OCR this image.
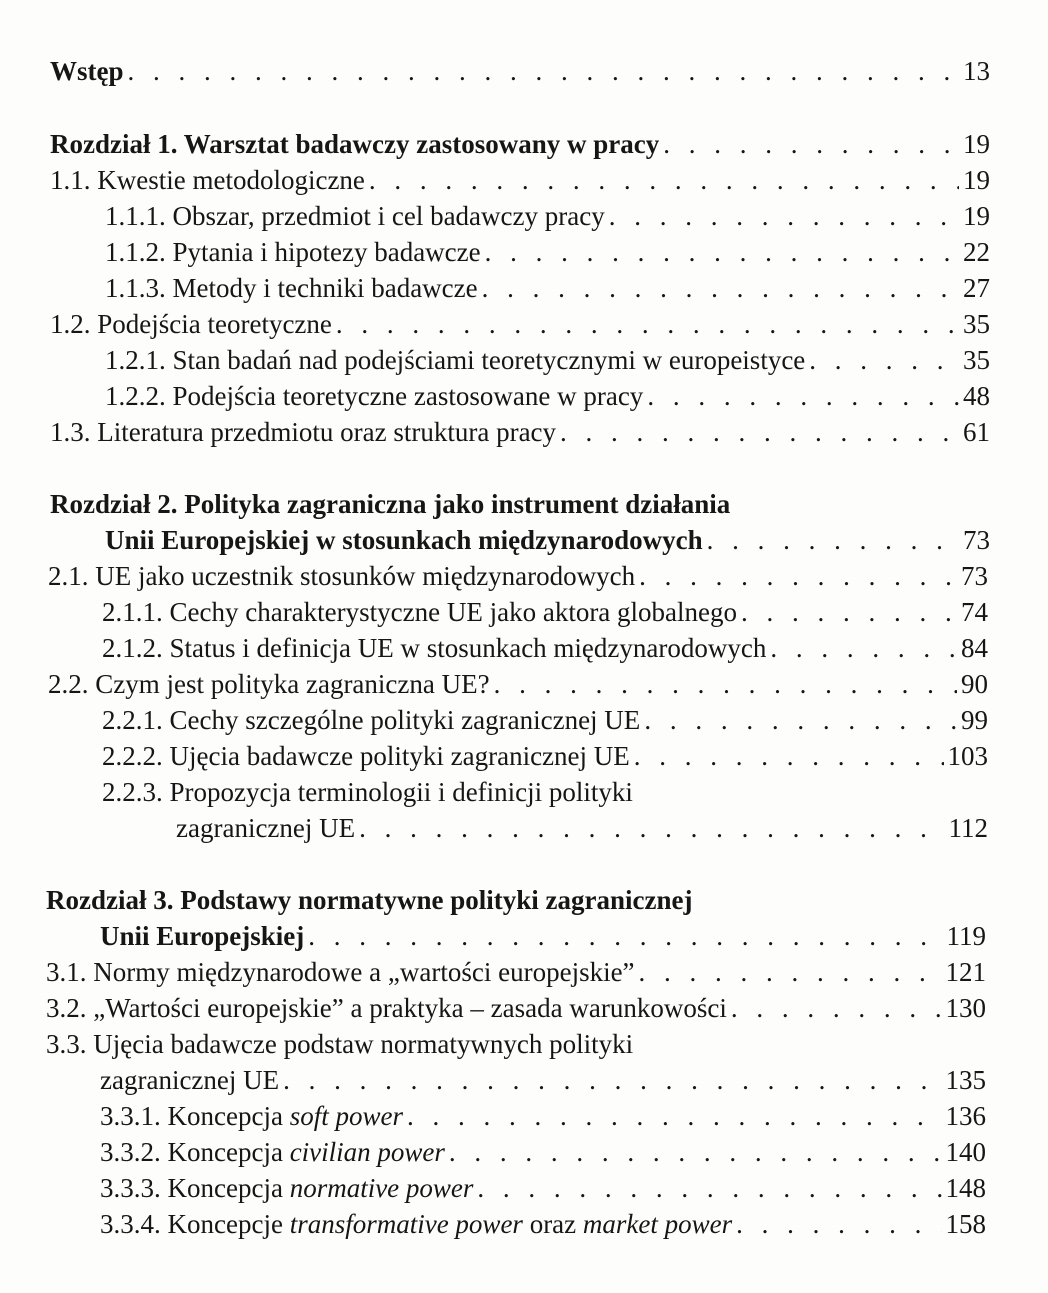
Wstęp . . .	13
Rozdział 1. Warsztat badawczy zastosowany w pracy . . .	19
1.1. Kwestie metodologiczne . . .	19
1.1.1. Obszar, przedmiot i cel badawczy pracy . . .	19
1.1.2. Pytania i hipotezy badawcze . . .	22
1.1.3. Metody i techniki badawcze . . .	27
1.2. Podejścia teoretyczne . . .	35
1.2.1. Stan badań nad podejściami teoretycznymi w europeistyce . . .	35
1.2.2. Podejścia teoretyczne zastosowane w pracy . . .	48
1.3. Literatura przedmiotu oraz struktura pracy . . .	61
Rozdział 2. Polityka zagraniczna jako instrument działania
Unii Europejskiej w stosunkach międzynarodowych . . .	73
2.1. UE jako uczestnik stosunków międzynarodowych . . .	73
2.1.1. Cechy charakterystyczne UE jako aktora globalnego . . .	74
2.1.2. Status i definicja UE w stosunkach międzynarodowych . . .	84
2.2. Czym jest polityka zagraniczna UE? . . .	90
2.2.1. Cechy szczególne polityki zagranicznej UE . . .	99
2.2.2. Ujęcia badawcze polityki zagranicznej UE . . .	103
2.2.3. Propozycja terminologii i definicji polityki
zagranicznej UE . . .	112
Rozdział 3. Podstawy normatywne polityki zagranicznej
Unii Europejskiej . . .	119
3.1. Normy międzynarodowe a „wartości europejskie” . . .	121
3.2. „Wartości europejskie” a praktyka – zasada warunkowości . . .	130
3.3. Ujęcia badawcze podstaw normatywnych polityki
zagranicznej UE . . .	135
3.3.1. Koncepcja soft power . . .	136
3.3.2. Koncepcja civilian power . . .	140
3.3.3. Koncepcja normative power . . .	148
3.3.4. Koncepcje transformative power oraz market power . . .	158
